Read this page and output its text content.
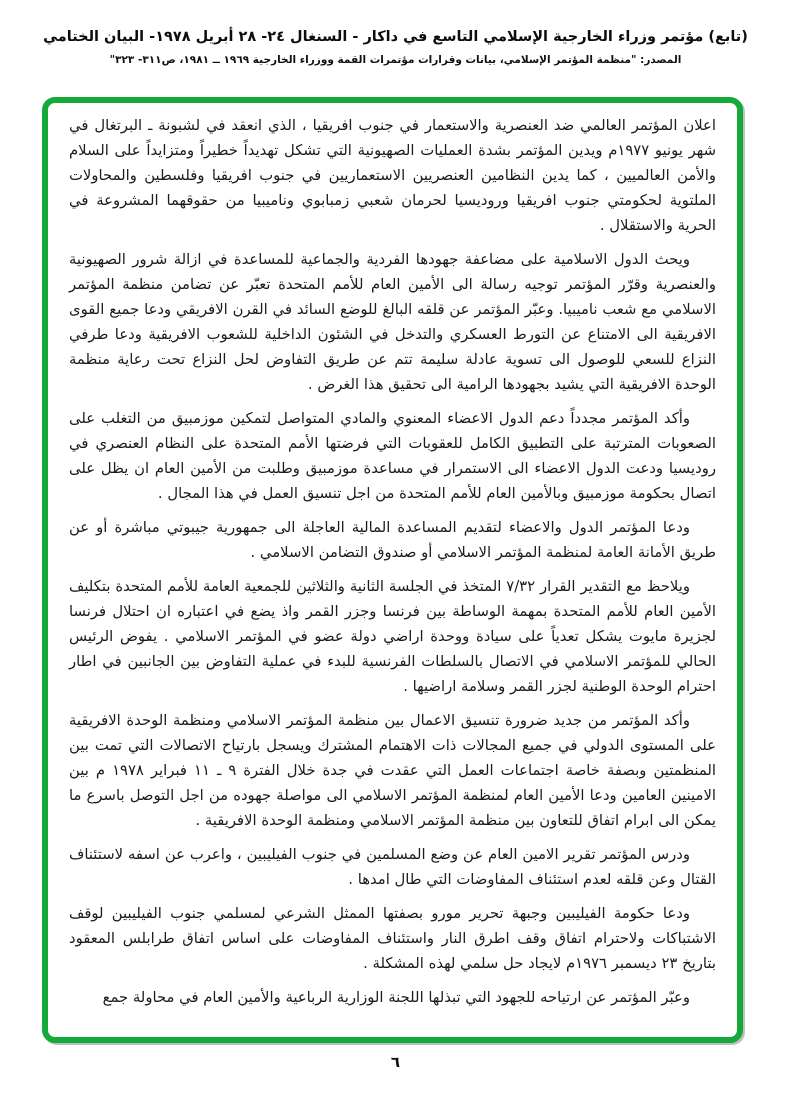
(تابع) مؤتمر وزراء الخارجية الإسلامي التاسع في داكار - السنغال ٢٤- ٢٨ أبريل ١٩٧٨- البيان الختامي
المصدر: "منظمة المؤتمر الإسلامي، بيانات وقرارات مؤتمرات القمة ووزراء الخارجية ١٩٦٩ ــ ١٩٨١، ص٣١١- ٣٢٣"

اعلان المؤتمر العالمي ضد العنصرية والاستعمار في جنوب افريقيا ، الذي انعقد في لشبونة ـ البرتغال في شهر يونيو ١٩٧٧م ويدين المؤتمر بشدة العمليات الصهيونية التي تشكل تهديداً خطيراً ومتزايداً على السلام والأمن العالميين ، كما يدين النظامين العنصريين الاستعماريين في جنوب افريقيا وفلسطين والمحاولات الملتوية لحكومتي جنوب افريقيا وروديسيا لحرمان شعبي زمبابوي وناميبيا من حقوقهما المشروعة في الحرية والاستقلال .

ويحث الدول الاسلامية على مضاعفة جهودها الفردية والجماعية للمساعدة في ازالة شرور الصهيونية والعنصرية وقرّر المؤتمر توجيه رسالة الى الأمين العام للأمم المتحدة تعبّر عن تضامن منظمة المؤتمر الاسلامي مع شعب ناميبيا. وعبّر المؤتمر عن قلقه البالغ للوضع السائد في القرن الافريقي ودعا جميع القوى الافريقية الى الامتناع عن التورط العسكري والتدخل في الشئون الداخلية للشعوب الافريقية ودعا طرفي النزاع للسعي للوصول الى تسوية عادلة سليمة تتم عن طريق التفاوض لحل النزاع تحت رعاية منظمة الوحدة الافريقية التي يشيد بجهودها الرامية الى تحقيق هذا الغرض .

وأكد المؤتمر مجدداً دعم الدول الاعضاء المعنوي والمادي المتواصل لتمكين موزمبيق من التغلب على الصعوبات المترتبة على التطبيق الكامل للعقوبات التي فرضتها الأمم المتحدة على النظام العنصري في روديسيا ودعت الدول الاعضاء الى الاستمرار في مساعدة موزمبيق وطلبت من الأمين العام ان يظل على اتصال بحكومة موزمبيق وبالأمين العام للأمم المتحدة من اجل تنسيق العمل في هذا المجال .

ودعا المؤتمر الدول والاعضاء لتقديم المساعدة المالية العاجلة الى جمهورية جيبوتي مباشرة أو عن طريق الأمانة العامة لمنظمة المؤتمر الاسلامي أو صندوق التضامن الاسلامي .

ويلاحظ مع التقدير القرار ٧/٣٢ المتخذ في الجلسة الثانية والثلاثين للجمعية العامة للأمم المتحدة بتكليف الأمين العام للأمم المتحدة بمهمة الوساطة بين فرنسا وجزر القمر واذ يضع في اعتباره ان احتلال فرنسا لجزيرة مايوت يشكل تعدياً على سيادة ووحدة اراضي دولة عضو في المؤتمر الاسلامي . يفوض الرئيس الحالي للمؤتمر الاسلامي في الاتصال بالسلطات الفرنسية للبدء في عملية التفاوض بين الجانبين في اطار احترام الوحدة الوطنية لجزر القمر وسلامة اراضيها .

وأكد المؤتمر من جديد ضرورة تنسيق الاعمال بين منظمة المؤتمر الاسلامي ومنظمة الوحدة الافريقية على المستوى الدولي في جميع المجالات ذات الاهتمام المشترك ويسجل بارتياح الاتصالات التي تمت بين المنظمتين وبصفة خاصة اجتماعات العمل التي عقدت في جدة خلال الفترة ٩ ـ ١١ فبراير ١٩٧٨ م بين الامينين العامين ودعا الأمين العام لمنظمة المؤتمر الاسلامي الى مواصلة جهوده من اجل التوصل باسرع ما يمكن الى ابرام اتفاق للتعاون بين منظمة المؤتمر الاسلامي ومنظمة الوحدة الافريقية .

ودرس المؤتمر تقرير الامين العام عن وضع المسلمين في جنوب الفيليبين ، واعرب عن اسفه لاستئناف القتال وعن قلقه لعدم استئناف المفاوضات التي طال امدها .

ودعا حكومة الفيليبين وجبهة تحرير مورو بصفتها الممثل الشرعي لمسلمي جنوب الفيليبين لوقف الاشتباكات ولاحترام اتفاق وقف اطرق النار واستئناف المفاوضات على اساس اتفاق طرابلس المعقود بتاريخ ٢٣ ديسمبر ١٩٧٦م لايجاد حل سلمي لهذه المشكلة .

وعبّر المؤتمر عن ارتياحه للجهود التي تبذلها اللجنة الوزارية الرباعية والأمين العام في محاولة جمع

٦
